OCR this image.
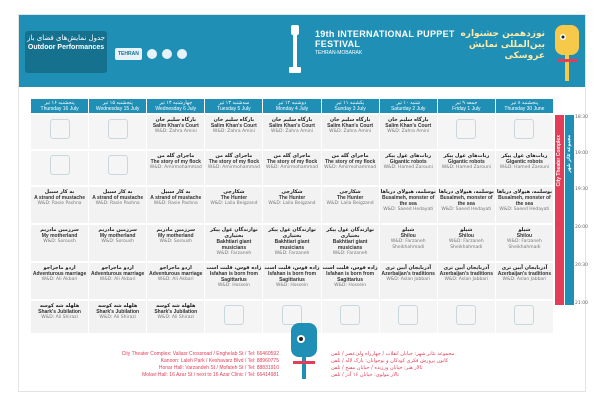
جدول نمایش‌های فضای باز
Outdoor Performances
TEHRAN
19th INTERNATIONAL PUPPET FESTIVAL
TEHRAN-MOBARAK
نوزدهمین جشنواره بین‌المللی نمایش عروسکی
پنجشنبه ۱۶ تیر
Thursday 16 July
پنجشنبه ۱۵ تیر
Wednesday 15 July
چهارشنبه ۱۴ تیر
Wednesday 6 July
سه‌شنبه ۱۳ تیر
Tuesday 5 July
دوشنبه ۱۲ تیر
Monday 4 July
یکشنبه ۱۱ تیر
Sunday 3 July
شنبه ۱۰ تیر
Saturday 2 July
جمعه ۹ تیر
Friday 1 July
پنجشنبه ۸ تیر
Thursday 30 June
بارگاه سلیم خان
Salim Khan's Court
W&D: Zahra Amini
بارگاه سلیم خان
Salim Khan's Court
W&D: Zahra Amini
بارگاه سلیم خان
Salim Khan's Court
W&D: Zahra Amini
بارگاه سلیم خان
Salim Khan's Court
W&D: Zahra Amini
بارگاه سلیم خان
Salim Khan's Court
W&D: Zahra Amini
ماجرای گله من
The story of my flock
W&D: Amirmohammad
ماجرای گله من
The story of my flock
W&D: Amirmohammad
ماجرای گله من
The story of my flock
W&D: Amirmohammad
ماجرای گله من
The story of my flock
W&D: Amirmohammad
ربات‌های غول پیکر
Gigantic robots
W&D: Hamed Zarouni
ربات‌های غول پیکر
Gigantic robots
W&D: Hamed Zarouni
ربات‌های غول پیکر
Gigantic robots
W&D: Hamed Zarouni
به کار سبیل
A strand of mustache
W&D: Rasie Pashna
به کار سبیل
A strand of mustache
W&D: Rasie Pashna
به کار سبیل
A strand of mustache
W&D: Rasie Pashna
شکارچی
The Hunter
W&D: Laila Beigzand
شکارچی
The Hunter
W&D: Laila Beigzand
شکارچی
The Hunter
W&D: Laila Beigzand
بوسلمه، هیولای دریاها
Busalmeh, monster of the sea
W&D: Saeed Hedayati
بوسلمه، هیولای دریاها
Busalmeh, monster of the sea
W&D: Saeed Hedayati
بوسلمه، هیولای دریاها
Busalmeh, monster of the sea
W&D: Saeed Hedayati
سرزمین مادریم
My motherland
W&D: Soroush
سرزمین مادریم
My motherland
W&D: Soroush
سرزمین مادریم
My motherland
W&D: Soroush
نوازندگان غول پیکر بختیاری
Bakhtiari giant musicians
W&D: Farzaneh
نوازندگان غول پیکر بختیاری
Bakhtiari giant musicians
W&D: Farzaneh
نوازندگان غول پیکر بختیاری
Bakhtiari giant musicians
W&D: Farzaneh
شیلو
Shilou
W&D: Farzaneh Sheikhahmadi
شیلو
Shilou
W&D: Farzaneh Sheikhahmadi
شیلو
Shilou
W&D: Farzaneh Sheikhahmadi
اردو ماجراجو
Adventurous marriage
W&D: Ali Akbari
اردو ماجراجو
Adventurous marriage
W&D: Ali Akbari
اردو ماجراجو
Adventurous marriage
W&D: Ali Akbari
زاده قوس، قلبت است
Isfahan is born from Sagittarius
W&D: Hossein
زاده قوس، قلبت است
Isfahan is born from Sagittarius
W&D: Hossein
زاده قوس، قلبت است
Isfahan is born from Sagittarius
W&D: Hossein
آذربایجان آیین تری
Azerbaijan's traditions
W&D: Aslan Jabbari
آذربایجان آیین تری
Azerbaijan's traditions
W&D: Aslan Jabbari
آذربایجان آیین تری
Azerbaijan's traditions
W&D: Aslan Jabbari
هلهله شه کوسه
Shark's Jubilation
W&D: Ali Shirazi
هلهله شه کوسه
Shark's Jubilation
W&D: Ali Shirazi
هلهله شه کوسه
Shark's Jubilation
W&D: Ali Shirazi
City Theater Complex مجموعه تئاتر شهر
18:30
19:00
19:30
20:00
20:30
21:00
City Theater Complex: Valiasr Crossroad / Enghelab St / Tel: 66460592
Kanoon: Laleh Park / Keshavarz Blvd / Tel: 88960775
Honar Hall: Varzandeh St / Mofateh St / Tel: 88831910
Molavi Hall: 16 Azar St / next to 16 Azar Clinic / Tel: 66414981
مجموعه تئاتر شهر: خیابان انقلاب / چهارراه ولی‌عصر / تلفن
کانون پرورش فکری کودکان و نوجوانان: پارک لاله / تلفن
تالار هنر: خیابان ورزنده / خیابان مفتح / تلفن
تالار مولوی: خیابان ۱۶ آذر / تلفن
